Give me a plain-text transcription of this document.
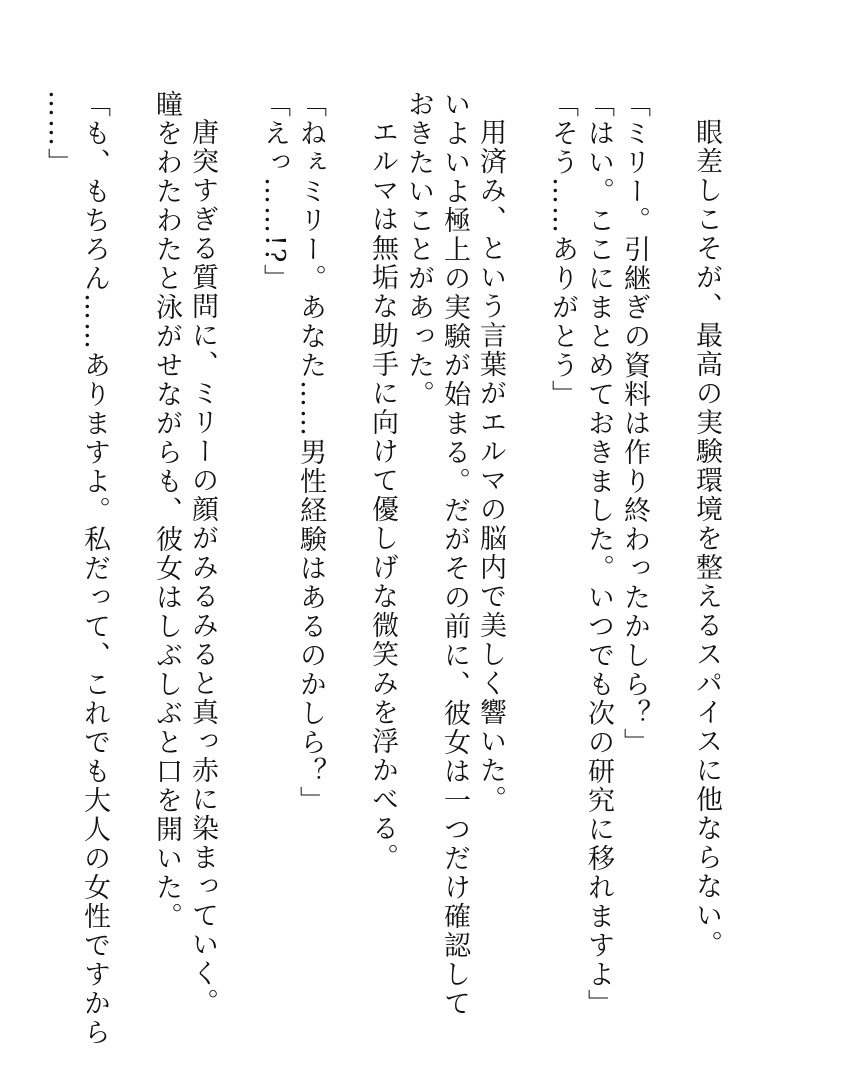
眼差しこそが、最高の実験環境を整えるスパイスに他ならない。
「ミリー。引継ぎの資料は作り終わったかしら？」
「はい。ここにまとめておきました。いつでも次の研究に移れますよ」
「そう……ありがとう」
用済み、という言葉がエルマの脳内で美しく響いた。
いよいよ極上の実験が始まる。だがその前に、彼女は一つだけ確認して
おきたいことがあった。
エルマは無垢な助手に向けて優しげな微笑みを浮かべる。
「ねぇミリー。あなた……男性経験はあるのかしら？」
「えっ……!?」
唐突すぎる質問に、ミリーの顔がみるみると真っ赤に染まっていく。
瞳をわたわたと泳がせながらも、彼女はしぶしぶと口を開いた。
「も、もちろん……ありますよ。私だって、これでも大人の女性ですから
……」
